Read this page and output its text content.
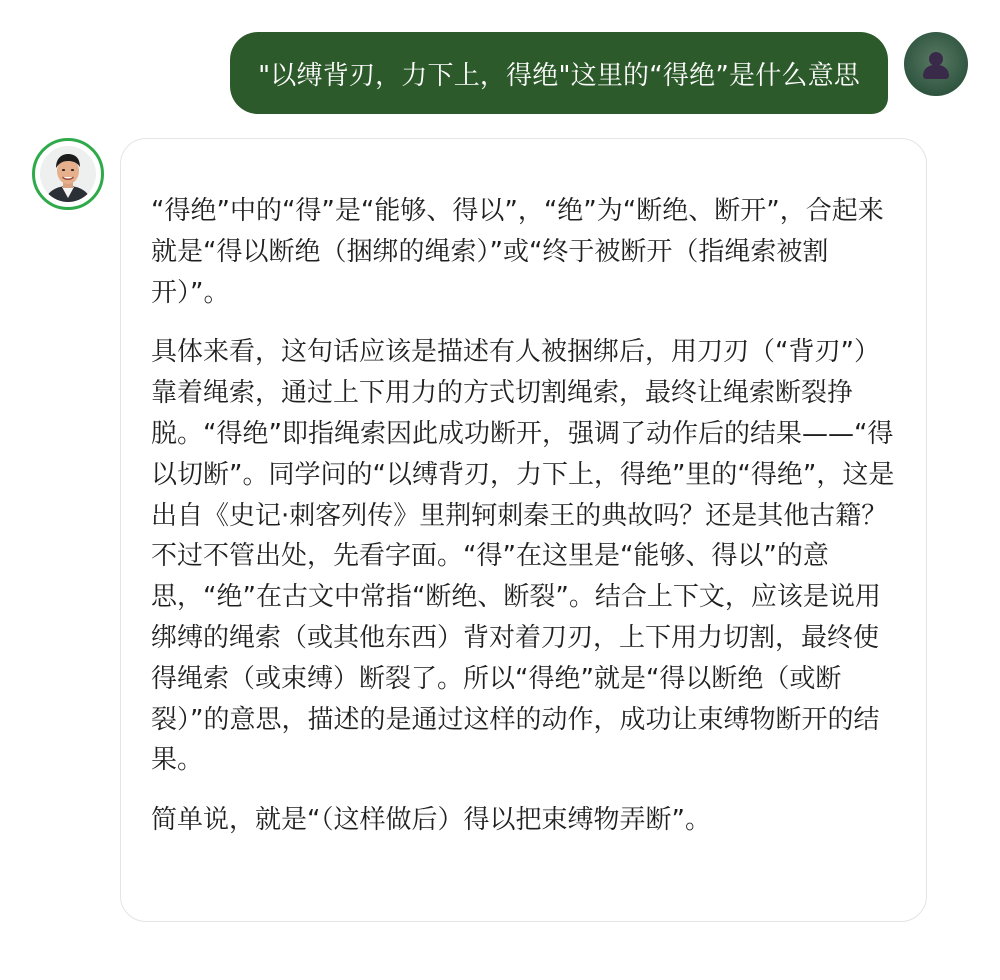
"以缚背刃，力下上，得绝"这里的“得绝”是什么意思

“得绝”中的“得”是“能够、得以”，“绝”为“断绝、断开”，合起来就是“得以断绝（捆绑的绳索）”或“终于被断开（指绳索被割开）”。

具体来看，这句话应该是描述有人被捆绑后，用刀刃（“背刃”）靠着绳索，通过上下用力的方式切割绳索，最终让绳索断裂挣脱。“得绝”即指绳索因此成功断开，强调了动作后的结果——“得以切断”。同学问的“以缚背刃，力下上，得绝”里的“得绝”，这是出自《史记·刺客列传》里荆轲刺秦王的典故吗？还是其他古籍？不过不管出处，先看字面。“得”在这里是“能够、得以”的意思，“绝”在古文中常指“断绝、断裂”。结合上下文，应该是说用绑缚的绳索（或其他东西）背对着刀刃，上下用力切割，最终使得绳索（或束缚）断裂了。所以“得绝”就是“得以断绝（或断裂）”的意思，描述的是通过这样的动作，成功让束缚物断开的结果。

简单说，就是“（这样做后）得以把束缚物弄断”。
